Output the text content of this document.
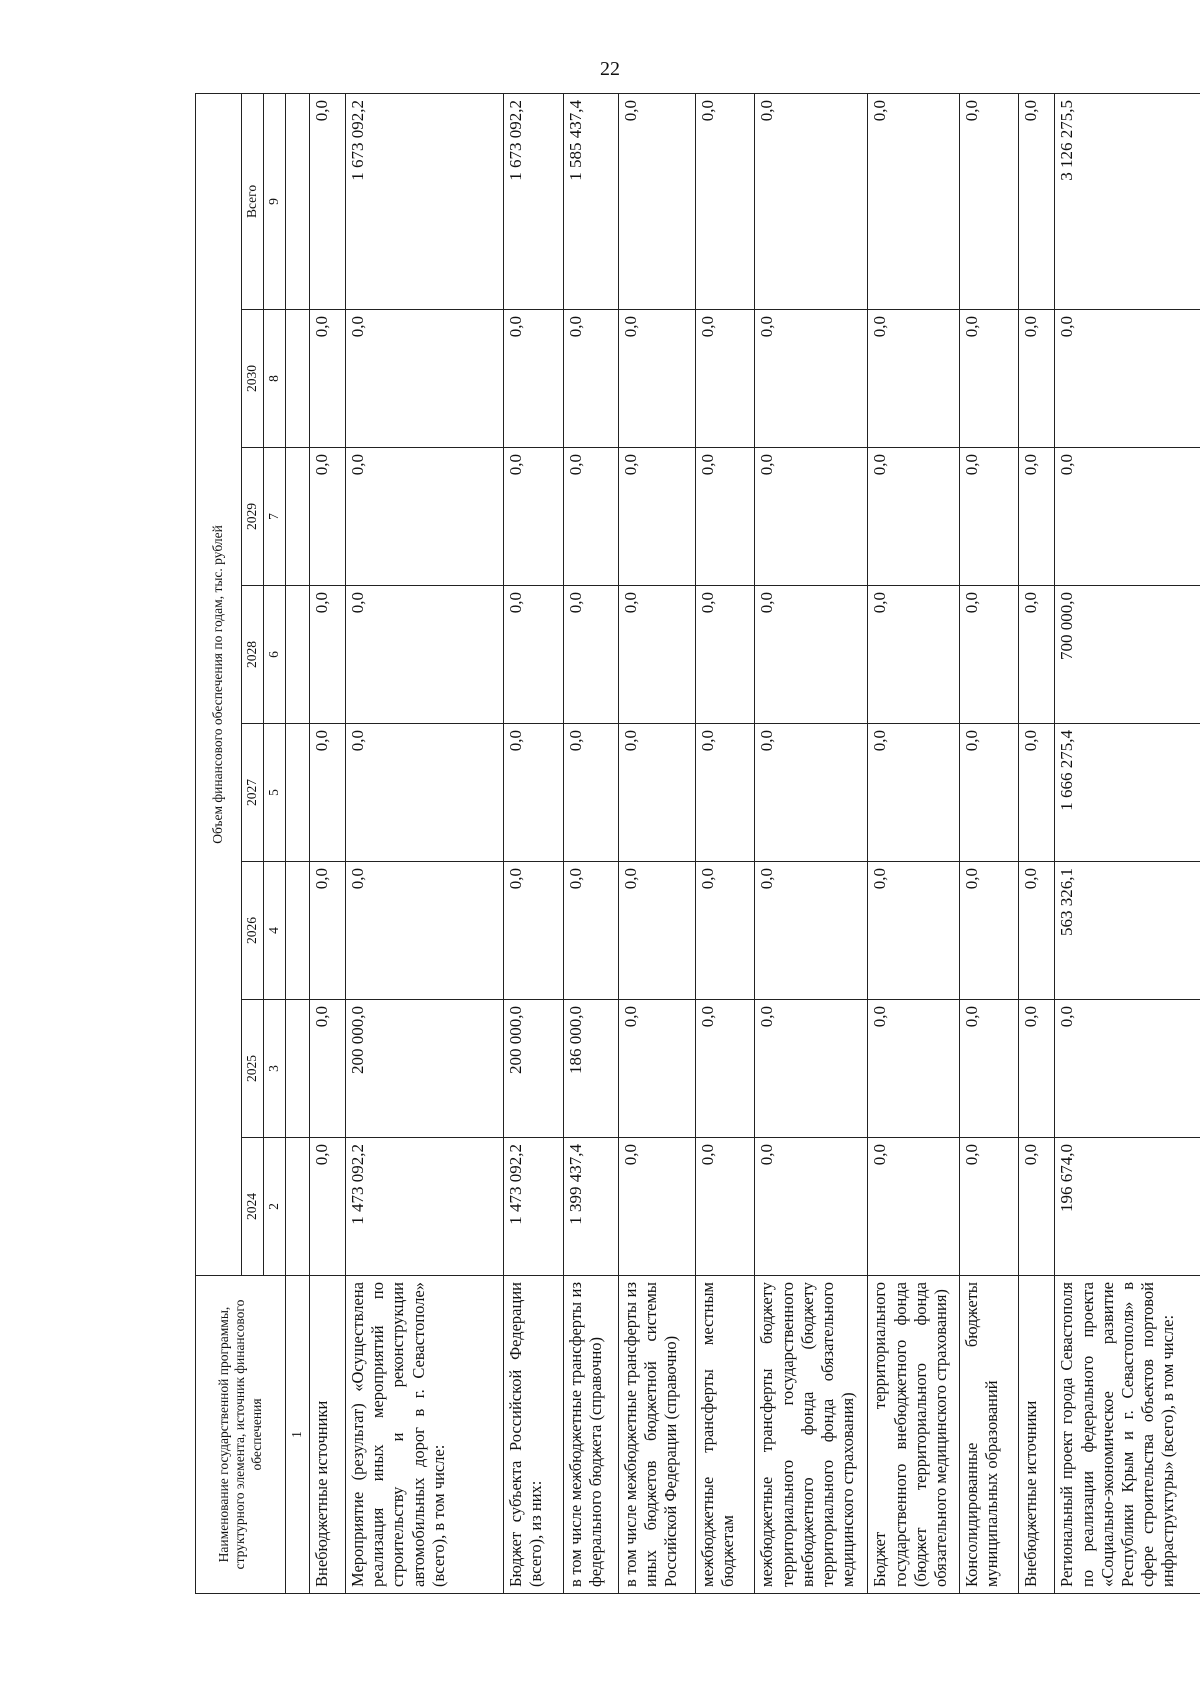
22
Наименование государственной программы, структурного элемента, источник финансового обеспечения	Объем финансового обеспечения по годам, тыс. рублей							
	2024	2025	2026	2027	2028	2029	2030	Всего
	2	3	4	5	6	7	8	9
1								
Внебюджетные источники	0,0	0,0	0,0	0,0	0,0	0,0	0,0	0,0
Мероприятие (результат) «Осуществлена реализация иных мероприятий по строительству и реконструкции автомобильных дорог в г. Севастополе» (всего), в том числе:	1 473 092,2	200 000,0	0,0	0,0	0,0	0,0	0,0	1 673 092,2
Бюджет субъекта Российской Федерации (всего), из них:	1 473 092,2	200 000,0	0,0	0,0	0,0	0,0	0,0	1 673 092,2
в том числе межбюджетные трансферты из федерального бюджета (справочно)	1 399 437,4	186 000,0	0,0	0,0	0,0	0,0	0,0	1 585 437,4
в том числе межбюджетные трансферты из иных бюджетов бюджетной системы Российской Федерации (справочно)	0,0	0,0	0,0	0,0	0,0	0,0	0,0	0,0
межбюджетные трансферты местным бюджетам	0,0	0,0	0,0	0,0	0,0	0,0	0,0	0,0
межбюджетные трансферты бюджету территориального государственного внебюджетного фонда (бюджету территориального фонда обязательного медицинского страхования)	0,0	0,0	0,0	0,0	0,0	0,0	0,0	0,0
Бюджет территориального государственного внебюджетного фонда (бюджет территориального фонда обязательного медицинского страхования)	0,0	0,0	0,0	0,0	0,0	0,0	0,0	0,0
Консолидированные бюджеты муниципальных образований	0,0	0,0	0,0	0,0	0,0	0,0	0,0	0,0
Внебюджетные источники	0,0	0,0	0,0	0,0	0,0	0,0	0,0	0,0
Региональный проект города Севастополя по реализации федерального проекта «Социально-экономическое развитие Республики Крым и г. Севастополя» в сфере строительства объектов портовой инфраструктуры» (всего), в том числе:	196 674,0	0,0	563 326,1	1 666 275,4	700 000,0	0,0	0,0	3 126 275,5
